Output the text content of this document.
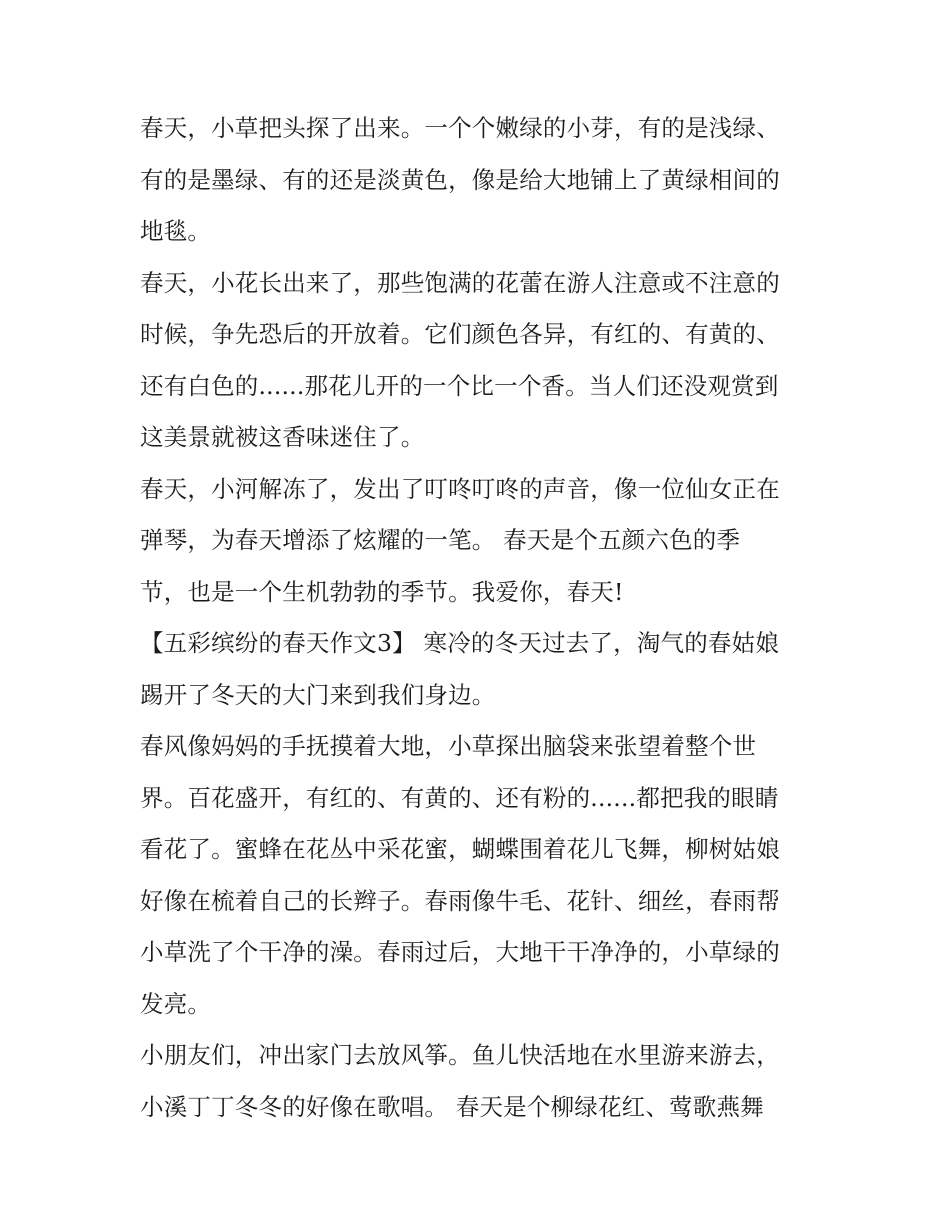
春天，小草把头探了出来。一个个嫩绿的小芽，有的是浅绿、
有的是墨绿、有的还是淡黄色，像是给大地铺上了黄绿相间的
地毯。
春天，小花长出来了，那些饱满的花蕾在游人注意或不注意的
时候，争先恐后的开放着。它们颜色各异，有红的、有黄的、
还有白色的......那花儿开的一个比一个香。当人们还没观赏到
这美景就被这香味迷住了。
春天，小河解冻了，发出了叮咚叮咚的声音，像一位仙女正在
弹琴，为春天增添了炫耀的一笔。 春天是个五颜六色的季
节，也是一个生机勃勃的季节。我爱你，春天!
【五彩缤纷的春天作文3】 寒冷的冬天过去了，淘气的春姑娘
踢开了冬天的大门来到我们身边。
春风像妈妈的手抚摸着大地，小草探出脑袋来张望着整个世
界。百花盛开，有红的、有黄的、还有粉的......都把我的眼睛
看花了。蜜蜂在花丛中采花蜜，蝴蝶围着花儿飞舞，柳树姑娘
好像在梳着自己的长辫子。春雨像牛毛、花针、细丝，春雨帮
小草洗了个干净的澡。春雨过后，大地干干净净的，小草绿的
发亮。
小朋友们，冲出家门去放风筝。鱼儿快活地在水里游来游去，
小溪丁丁冬冬的好像在歌唱。 春天是个柳绿花红、莺歌燕舞
